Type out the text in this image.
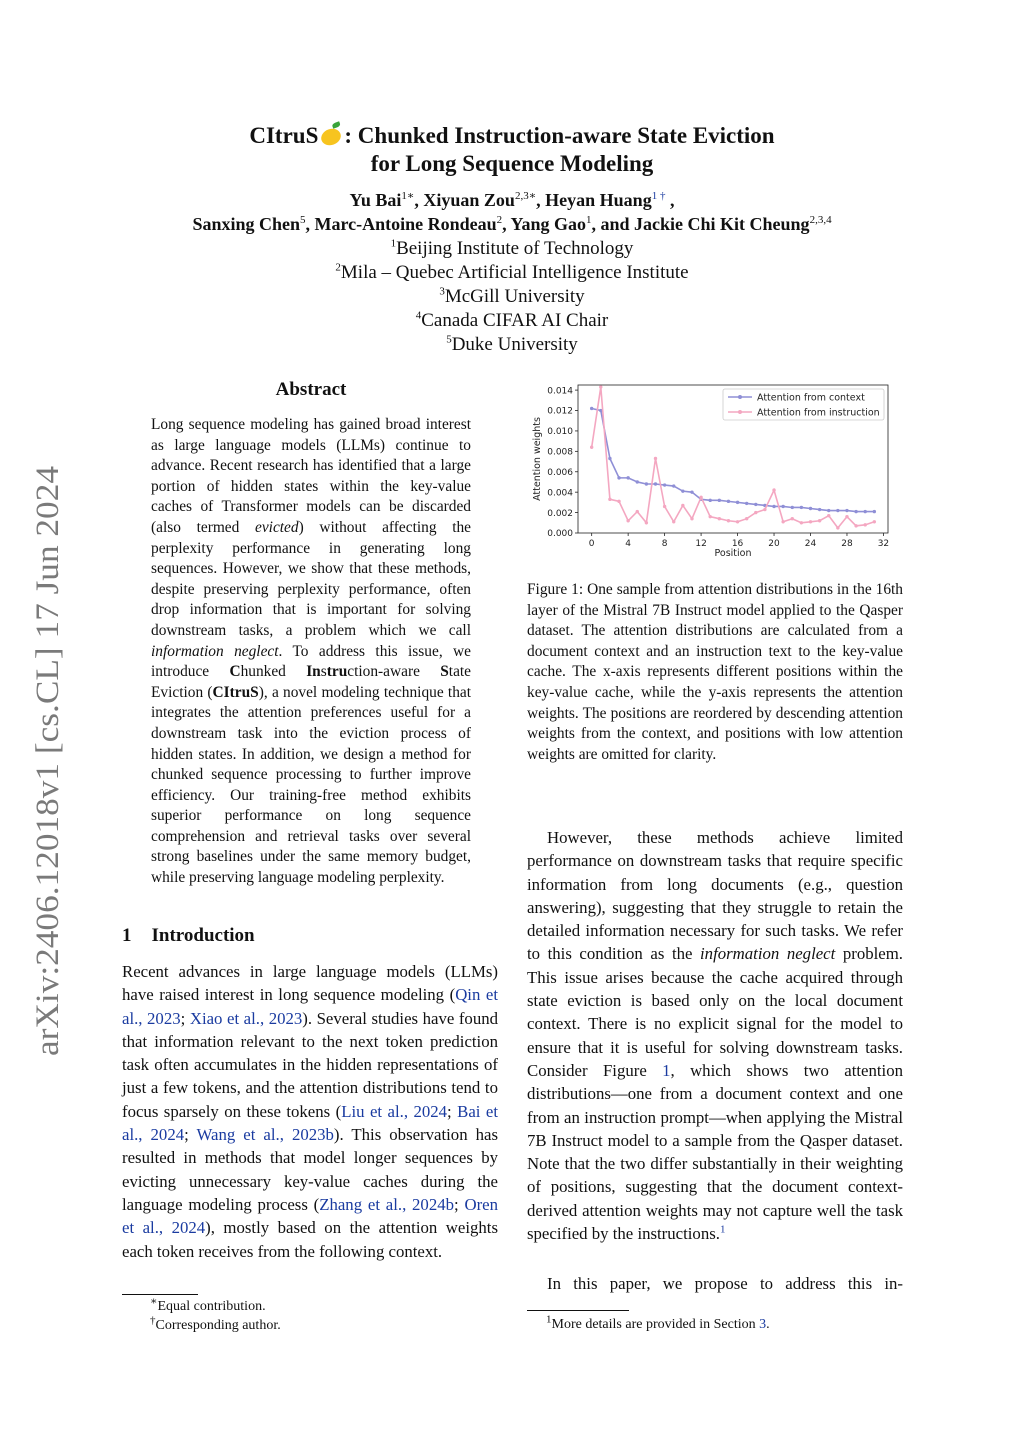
arXiv:2406.12018v1 [cs.CL] 17 Jun 2024
CItruS : Chunked Instruction-aware State Eviction
for Long Sequence Modeling
Yu Bai$^{1∗}$, Xiyuan Zou$^{2,3∗}$, Heyan Huang$^{1 \dagger}$ ,
Sanxing Chen$^5$, Marc-Antoine Rondeau$^2$, Yang Gao$^1$, and Jackie Chi Kit Cheung$^{2,3,4}$
$^1$Beijing Institute of Technology
$^2$Mila – Quebec Artificial Intelligence Institute
$^3$McGill University
$^4$Canada CIFAR AI Chair
$^5$Duke University
Abstract
Long sequence modeling has gained broad interest as large language models (LLMs) continue to advance. Recent research has identified that a large portion of hidden states within the key-value caches of Transformer models can be discarded (also termed evicted) without affecting the perplexity performance in generating long sequences. However, we show that these methods, despite preserving perplexity performance, often drop information that is important for solving downstream tasks, a problem which we call information neglect. To address this issue, we introduce Chunked Instruction-aware State Eviction (CItruS), a novel modeling technique that integrates the attention preferences useful for a downstream task into the eviction process of hidden states. In addition, we design a method for chunked sequence processing to further improve efficiency. Our training-free method exhibits superior performance on long sequence comprehension and retrieval tasks over several strong baselines under the same memory budget, while preserving language modeling perplexity.
1 Introduction
Recent advances in large language models (LLMs) have raised interest in long sequence modeling (Qin et al., 2023; Xiao et al., 2023). Several studies have found that information relevant to the next token prediction task often accumulates in the hidden representations of just a few tokens, and the attention distributions tend to focus sparsely on these tokens (Liu et al., 2024; Bai et al., 2024; Wang et al., 2023b). This observation has resulted in methods that model longer sequences by evicting unnecessary key-value caches during the language modeling process (Zhang et al., 2024b; Oren et al., 2024), mostly based on the attention weights each token receives from the following context.
∗Equal contribution.
†Corresponding author.
0.000
0.002
0.004
0.006
0.008
0.010
0.012
0.014
0	4	8	12	16	20	24	28	32
Attention weights
Position
Attention from context
Attention from instruction
Figure 1: One sample from attention distributions in the 16th layer of the Mistral 7B Instruct model applied to the Qasper dataset. The attention distributions are calculated from a document context and an instruction text to the key-value cache. The x-axis represents different positions within the key-value cache, while the y-axis represents the attention weights. The positions are reordered by descending attention weights from the context, and positions with low attention weights are omitted for clarity.
However, these methods achieve limited performance on downstream tasks that require specific information from long documents (e.g., question answering), suggesting that they struggle to retain the detailed information necessary for such tasks. We refer to this condition as the information neglect problem. This issue arises because the cache acquired through state eviction is based only on the local document context. There is no explicit signal for the model to ensure that it is useful for solving downstream tasks. Consider Figure 1, which shows two attention distributions—one from a document context and one from an instruction prompt—when applying the Mistral 7B Instruct model to a sample from the Qasper dataset. Note that the two differ substantially in their weighting of positions, suggesting that the document context-derived attention weights may not capture well the task specified by the instructions.$^1$
In this paper, we propose to address this in-
$^1$More details are provided in Section 3.
